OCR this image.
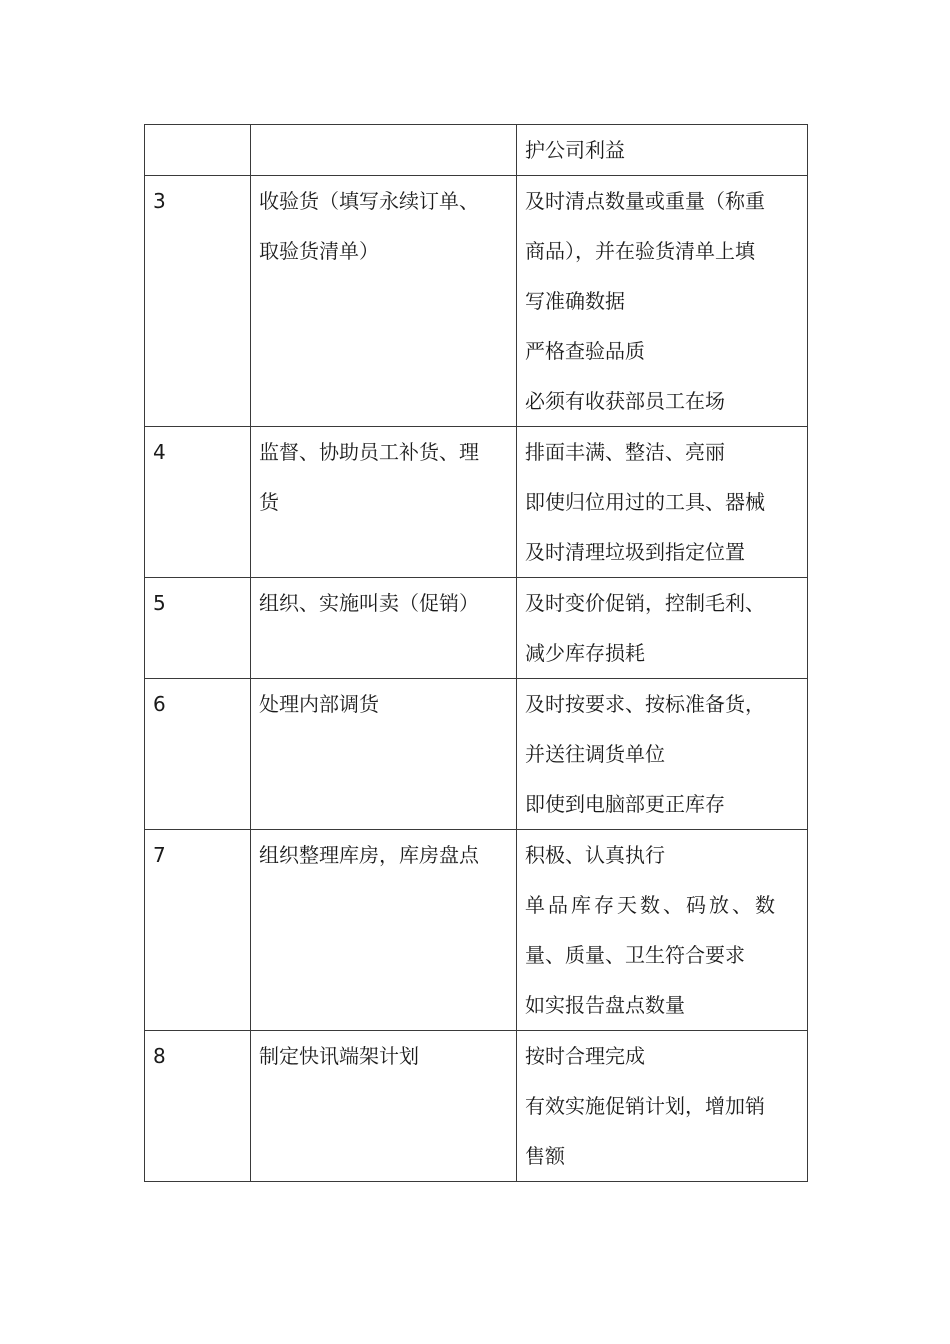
		护公司利益

3	收验货（填写永续订单、
取验货清单）	及时清点数量或重量（称重
商品），并在验货清单上填
写准确数据
严格查验品质
必须有收获部员工在场

4	监督、协助员工补货、理
货	排面丰满、整洁、亮丽
即使归位用过的工具、器械
及时清理垃圾到指定位置

5	组织、实施叫卖（促销）	及时变价促销，控制毛利、
减少库存损耗

6	处理内部调货	及时按要求、按标准备货，
并送往调货单位
即使到电脑部更正库存

7	组织整理库房，库房盘点	积极、认真执行
单品库存天数、码放、数
量、质量、卫生符合要求
如实报告盘点数量

8	制定快讯端架计划	按时合理完成
有效实施促销计划，增加销
售额
